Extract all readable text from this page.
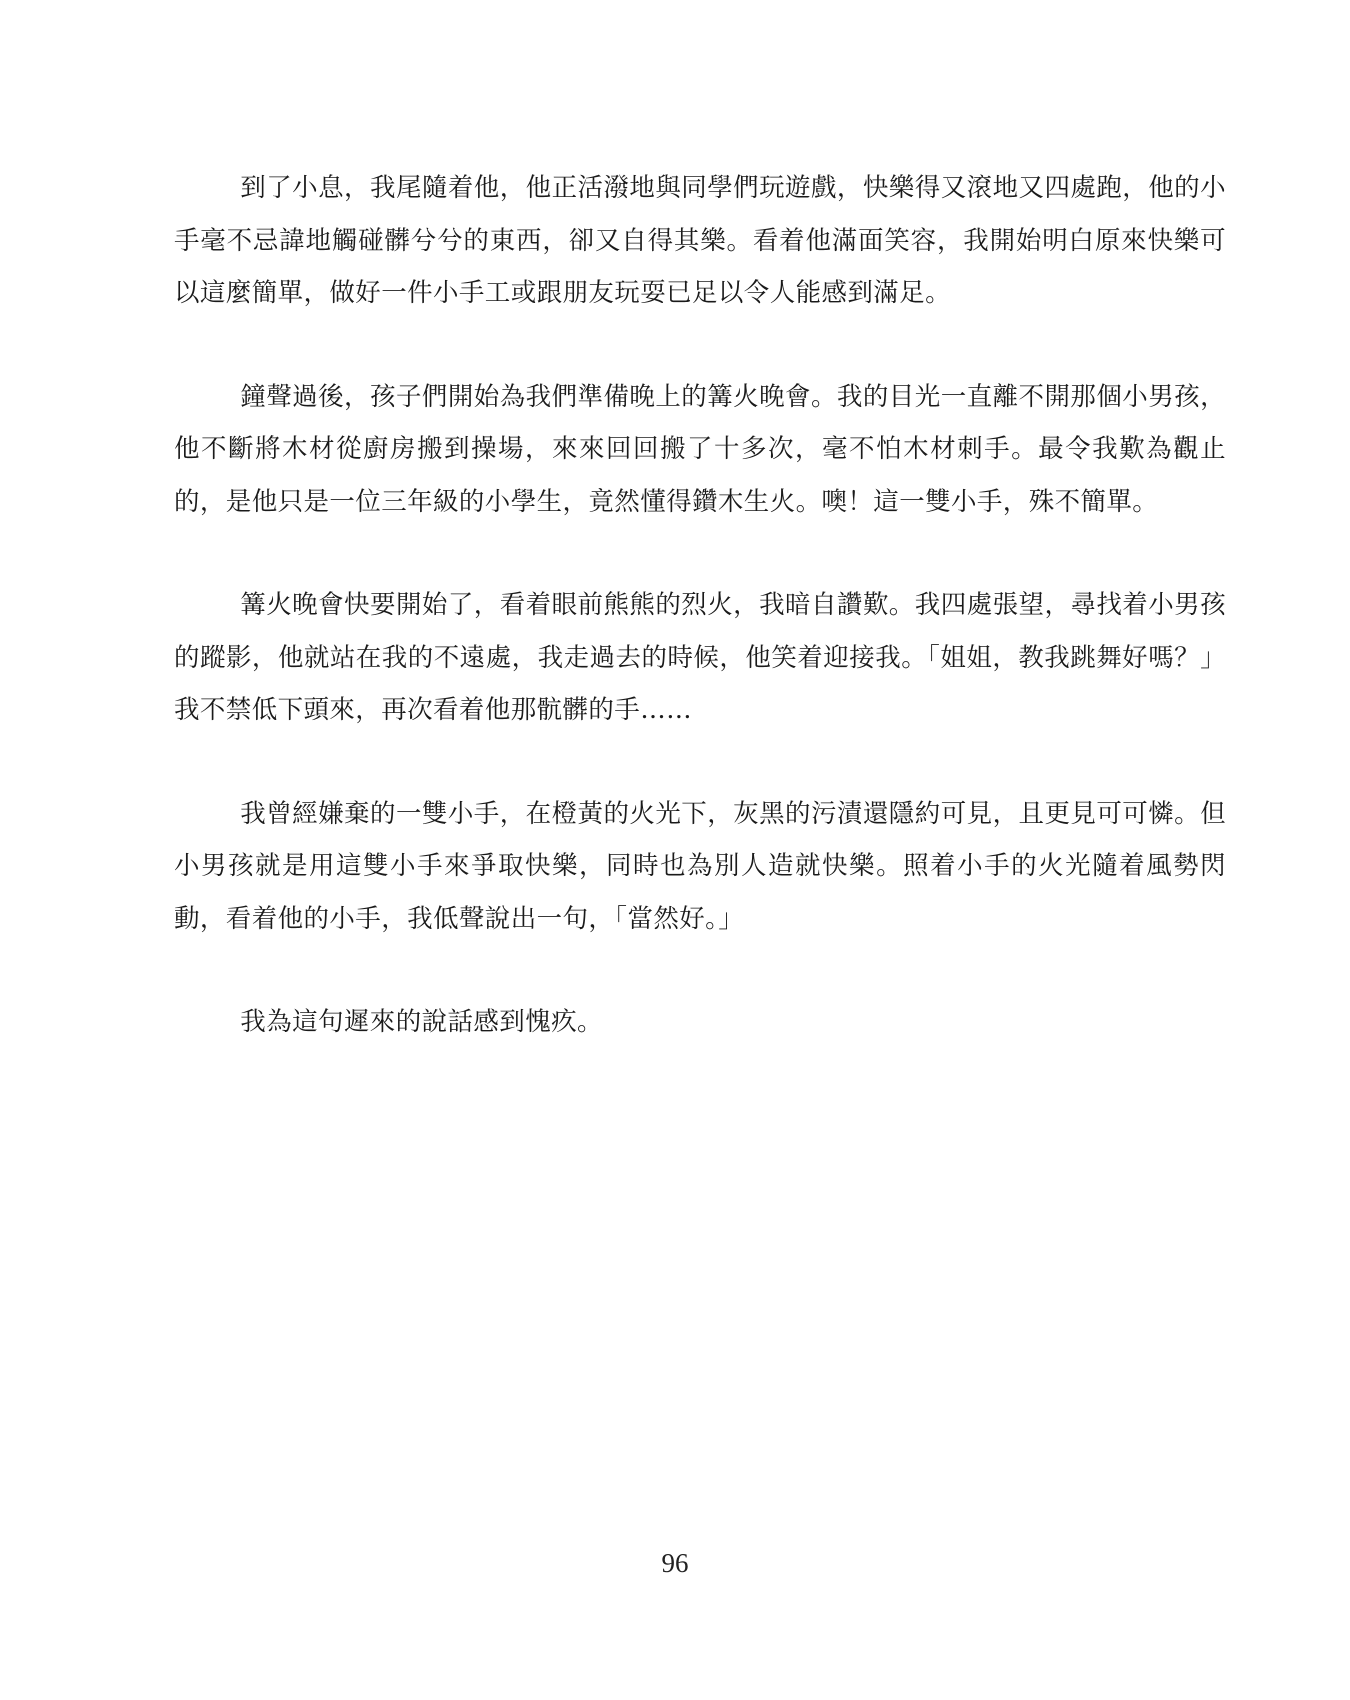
到了小息，我尾隨着他，他正活潑地與同學們玩遊戲，快樂得又滾地又四處跑，他的小手毫不忌諱地觸碰髒兮兮的東西，卻又自得其樂。看着他滿面笑容，我開始明白原來快樂可以這麼簡單，做好一件小手工或跟朋友玩耍已足以令人能感到滿足。

鐘聲過後，孩子們開始為我們準備晚上的篝火晚會。我的目光一直離不開那個小男孩，他不斷將木材從廚房搬到操場，來來回回搬了十多次，毫不怕木材刺手。最令我歎為觀止的，是他只是一位三年級的小學生，竟然懂得鑽木生火。噢！這一雙小手，殊不簡單。

篝火晚會快要開始了，看着眼前熊熊的烈火，我暗自讚歎。我四處張望，尋找着小男孩的蹤影，他就站在我的不遠處，我走過去的時候，他笑着迎接我。「姐姐，教我跳舞好嗎？」我不禁低下頭來，再次看着他那骯髒的手……

我曾經嫌棄的一雙小手，在橙黃的火光下，灰黑的污漬還隱約可見，且更見可可憐。但小男孩就是用這雙小手來爭取快樂，同時也為別人造就快樂。照着小手的火光隨着風勢閃動，看着他的小手，我低聲說出一句，「當然好。」

我為這句遲來的說話感到愧疚。

96
